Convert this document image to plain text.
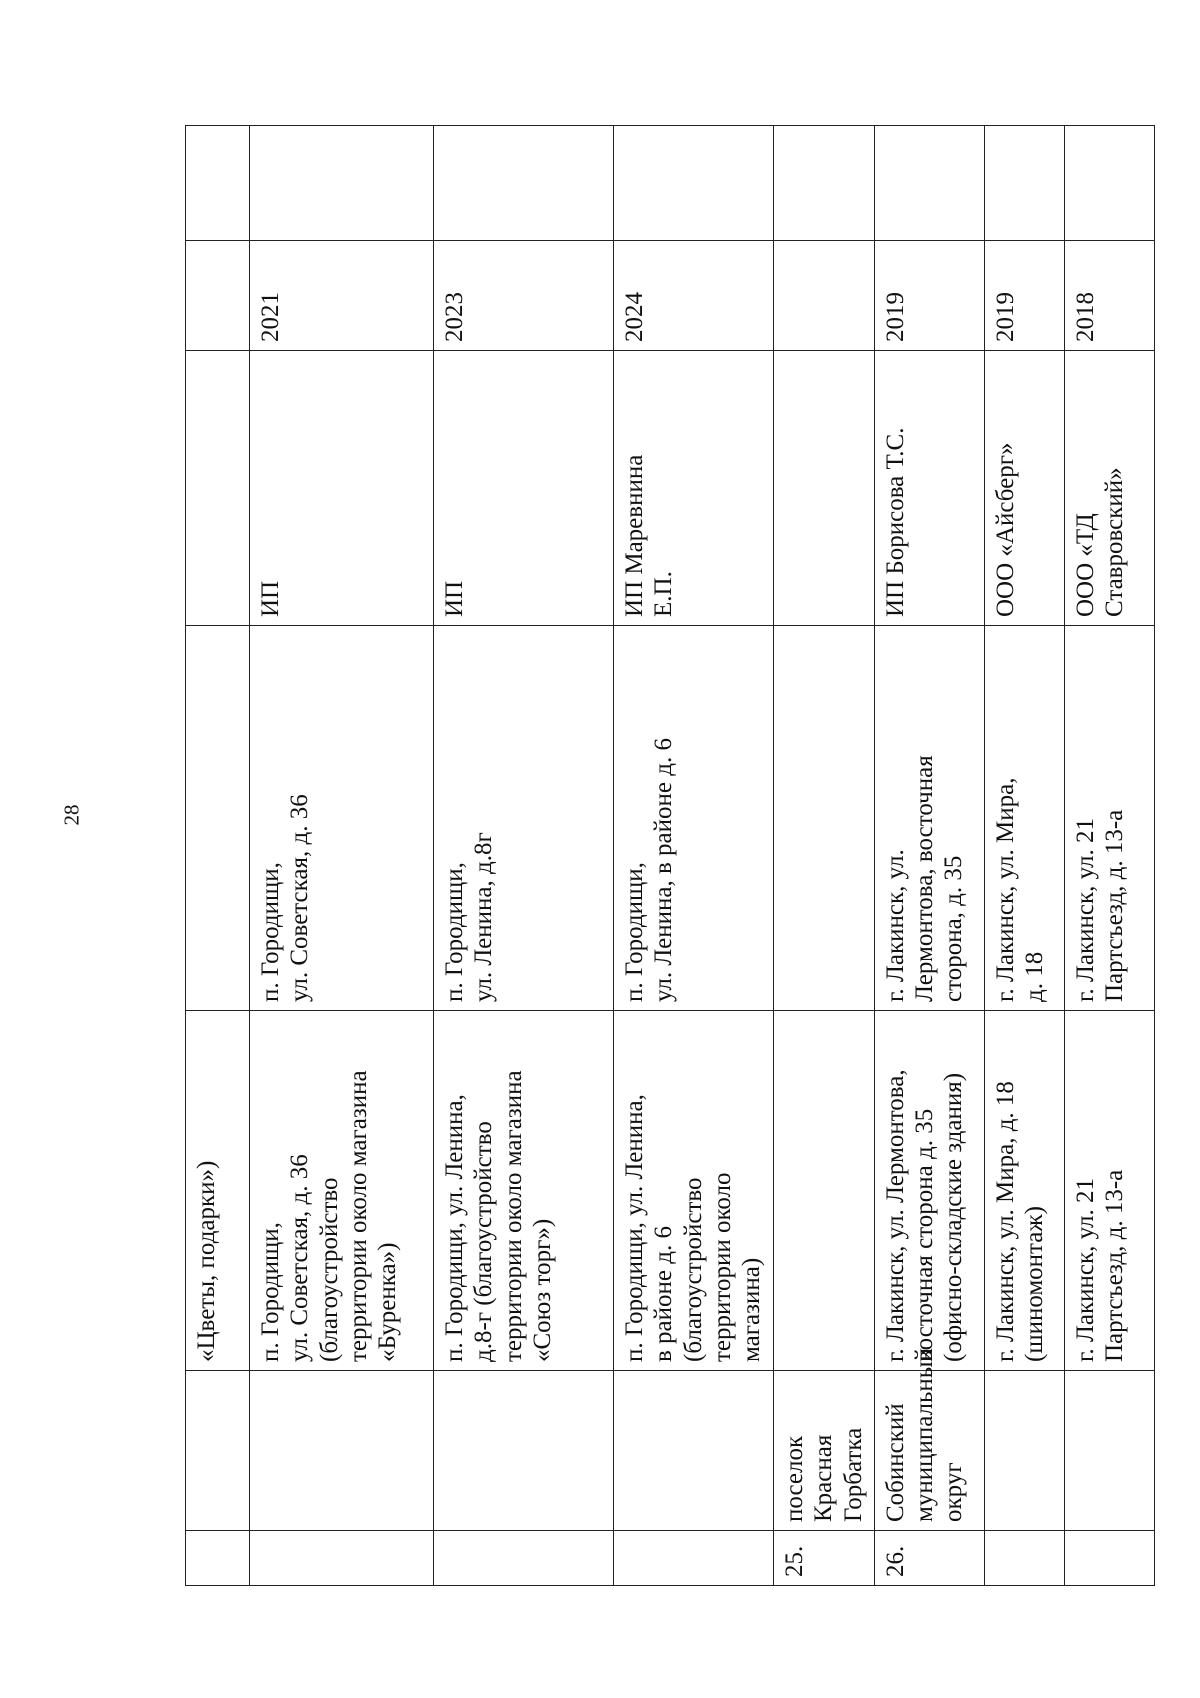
28
		«Цветы, подарки»)				
		п. Городищи,
ул. Советская, д. 36
(благоустройство
территории около магазина
«Буренка»)	п. Городищи,
ул. Советская, д. 36	ИП	2021	
		п. Городищи, ул. Ленина,
д.8-г (благоустройство
территории около магазина
«Союз торг»)	п. Городищи,
ул. Ленина, д.8г	ИП	2023	
		п. Городищи, ул. Ленина,
в районе д. 6
(благоустройство
территории около
магазина)	п. Городищи,
ул. Ленина, в районе д. 6	ИП Маревнина
Е.П.	2024	
25.	поселок Красная
Горбатка					
26.	Собинский
муниципальный
округ	г. Лакинск, ул. Лермонтова,
восточная сторона д. 35
(офисно-складские здания)	г. Лакинск, ул.
Лермонтова, восточная
сторона, д. 35	ИП Борисова Т.С.	2019	
		г. Лакинск, ул. Мира, д. 18
(шиномонтаж)	г. Лакинск, ул. Мира,
д. 18	ООО «Айсберг»	2019	
		г. Лакинск, ул. 21
Партсъезд, д. 13-а	г. Лакинск, ул. 21
Партсъезд, д. 13-а	ООО «ТД
Ставровский»	2018	
